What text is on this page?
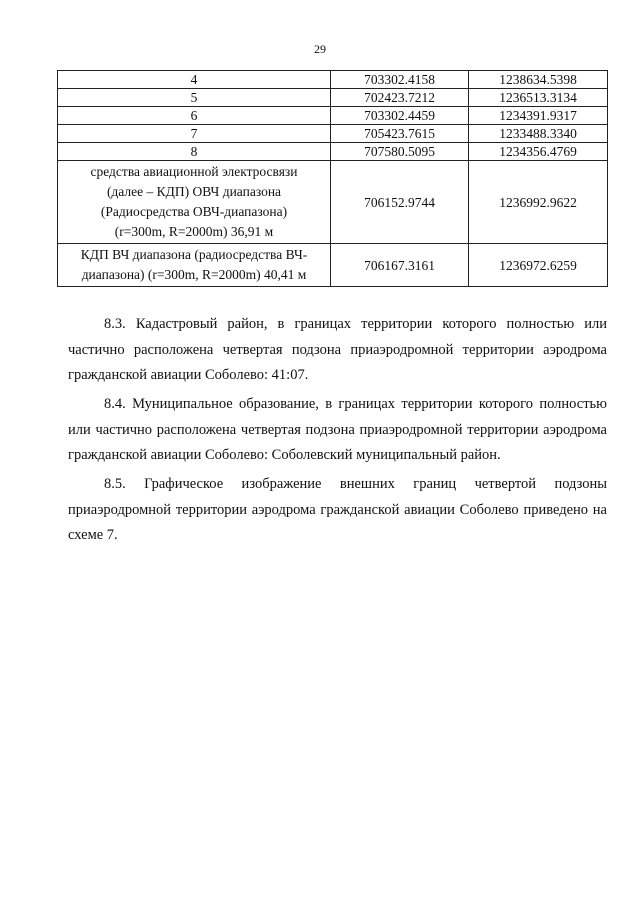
29
4	703302.4158	1238634.5398
5	702423.7212	1236513.3134
6	703302.4459	1234391.9317
7	705423.7615	1233488.3340
8	707580.5095	1234356.4769

средства авиационной электросвязи
(далее – КДП) ОВЧ диапазона
(Радиосредства ОВЧ-диапазона)
(r=300m, R=2000m) 36,91 м	706152.9744	1236992.9622

КДП ВЧ диапазона (радиосредства ВЧ-
диапазона) (r=300m, R=2000m) 40,41 м	706167.3161	1236972.6259

8.3. Кадастровый район, в границах территории которого полностью или частично расположена четвертая подзона приаэродромной территории аэродрома гражданской авиации Соболево: 41:07.

8.4. Муниципальное образование, в границах территории которого полностью или частично расположена четвертая подзона приаэродромной территории аэродрома гражданской авиации Соболево: Соболевский муниципальный район.

8.5. Графическое изображение внешних границ четвертой подзоны приаэродромной территории аэродрома гражданской авиации Соболево приведено на схеме 7.
